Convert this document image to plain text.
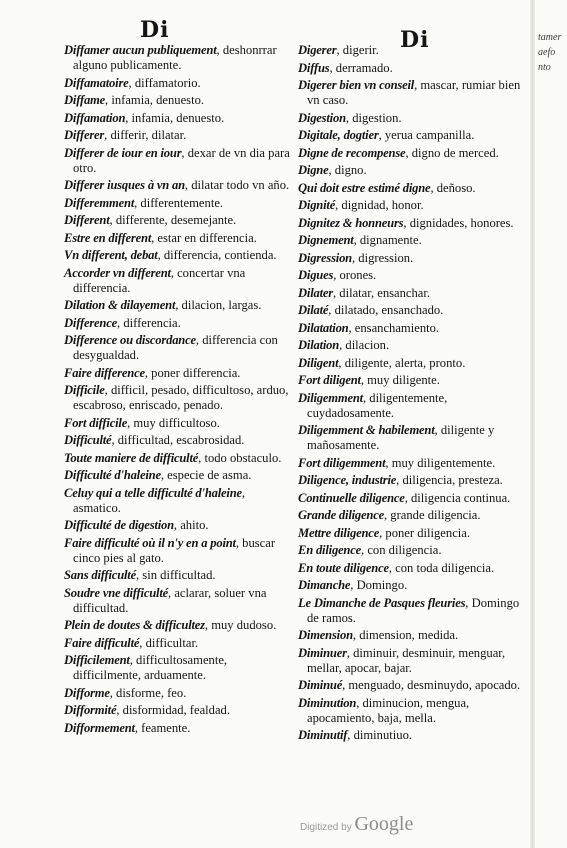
Di	Di
Diffamer aucun publiquement, deshonrrar alguno publicamente.
Diffamatoire, diffamatorio.
Diffame, infamia, denuesto.
Diffamation, infamia, denuesto.
Differer, differir, dilatar.
Differer de iour en iour, dexar de vn dia para otro.
Differer iusques à vn an, dilatar todo vn año.
Differemment, differentemente.
Different, differente, desemejante.
Estre en different, estar en differencia.
Vn different, debat, differencia, contienda.
Accorder vn different, concertar vna differencia.
Dilation & dilayement, dilacion, largas.
Difference, differencia.
Difference ou discordance, differencia con desygualdad.
Faire difference, poner differencia.
Difficile, difficil, pesado, difficultoso, arduo, escabroso, enriscado, penado.
Fort difficile, muy difficultoso.
Difficulté, difficultad, escabrosidad.
Toute maniere de difficulté, todo obstaculo.
Difficulté d'haleine, especie de asma.
Celuy qui a telle difficulté d'haleine, asmatico.
Difficulté de digestion, ahito.
Faire difficulté où il n'y en a point, buscar cinco pies al gato.
Sans difficulté, sin difficultad.
Soudre vne difficulté, aclarar, soluer vna difficultad.
Plein de doutes & difficultez, muy dudoso.
Faire difficulté, difficultar.
Difficilement, difficultosamente, difficilmente, arduamente.
Difforme, disforme, feo.
Difformité, disformidad, fealdad.
Difformement, feamente.
Digerer, digerir.
Diffus, derramado.
Digerer bien vn conseil, mascar, rumiar bien vn caso.
Digestion, digestion.
Digitale, dogtier, yerua campanilla.
Digne de recompense, digno de merced.
Digne, digno.
Qui doit estre estimé digne, deñoso.
Dignité, dignidad, honor.
Dignitez & honneurs, dignidades, honores.
Dignement, dignamente.
Digression, digression.
Digues, orones.
Dilater, dilatar, ensanchar.
Dilaté, dilatado, ensanchado.
Dilatation, ensanchamiento.
Dilation, dilacion.
Diligent, diligente, alerta, pronto.
Fort diligent, muy diligente.
Diligemment, diligentemente, cuydadosamente.
Diligemment & habilement, diligente y mañosamente.
Fort diligemment, muy diligentemente.
Diligence, industrie, diligencia, presteza.
Continuelle diligence, diligencia continua.
Grande diligence, grande diligencia.
Mettre diligence, poner diligencia.
En diligence, con diligencia.
En toute diligence, con toda diligencia.
Dimanche, Domingo.
Le Dimanche de Pasques fleuries, Domingo de ramos.
Dimension, dimension, medida.
Diminuer, diminuir, desminuir, menguar, mellar, apocar, bajar.
Diminué, menguado, desminuydo, apocado.
Diminution, diminucion, mengua, apocamiento, baja, mella.
Diminutif, diminutiuo.
tamer
aefo
nto

Digitized by Google
